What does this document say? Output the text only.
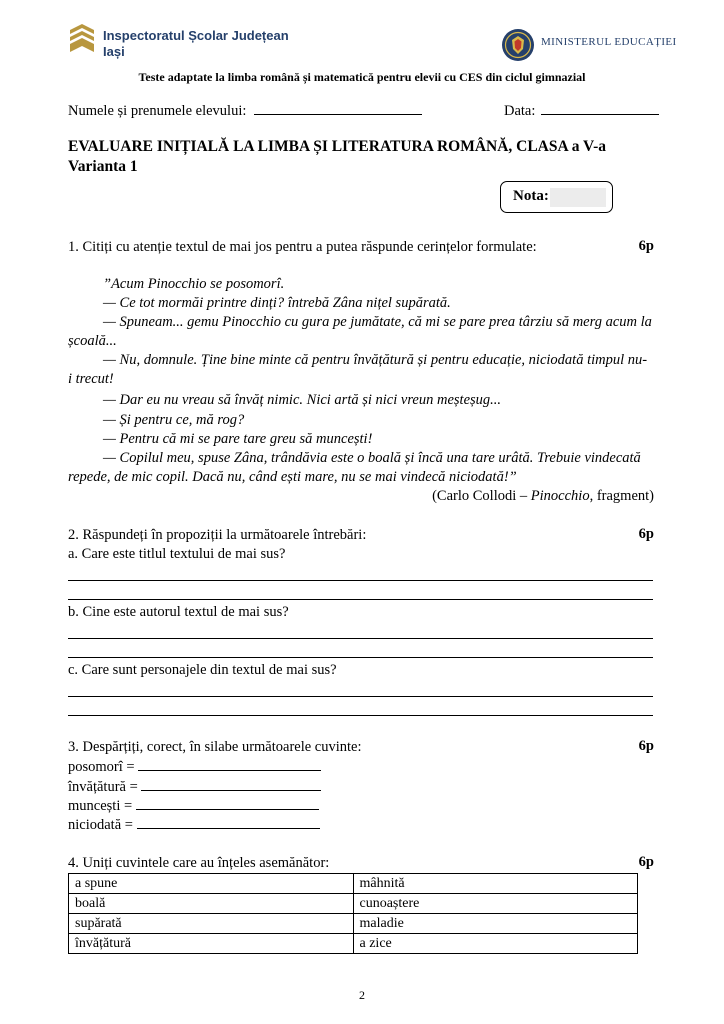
Inspectoratul Școlar Județean
Iași
MINISTERUL EDUCAȚIEI
Teste adaptate la limba română și matematică pentru elevii cu CES din ciclul gimnazial
Numele și prenumele elevului:	Data:
EVALUARE INIȚIALĂ LA LIMBA ȘI LITERATURA ROMÂNĂ, CLASA a V-a
Varianta 1
Nota:
1. Citiți cu atenție textul de mai jos pentru a putea răspunde cerințelor formulate:	6p
”Acum Pinocchio se posomorî.
— Ce tot mormăi printre dinți? întrebă Zâna nițel supărată.
— Spuneam... gemu Pinocchio cu gura pe jumătate, că mi se pare prea târziu să merg acum la
școală...
— Nu, domnule. Ține bine minte că pentru învățătură și pentru educație, niciodată timpul nu-
i trecut!
— Dar eu nu vreau să învăț nimic. Nici artă și nici vreun meșteșug...
— Și pentru ce, mă rog?
— Pentru că mi se pare tare greu să muncești!
— Copilul meu, spuse Zâna, trândăvia este o boală și încă una tare urâtă. Trebuie vindecată
repede, de mic copil. Dacă nu, când ești mare, nu se mai vindecă niciodată!”
(Carlo Collodi – Pinocchio, fragment)
2. Răspundeți în propoziții la următoarele întrebări:	6p
a. Care este titlul textului de mai sus?
b. Cine este autorul textul de mai sus?
c. Care sunt personajele din textul de mai sus?
3. Despărțiți, corect, în silabe următoarele cuvinte:	6p
posomorî =
învățătură =
muncești =
niciodată =
4. Uniți cuvintele care au înțeles asemănător:	6p
a spune	mâhnită
boală	cunoaștere
supărată	maladie
învățătură	a zice
2
